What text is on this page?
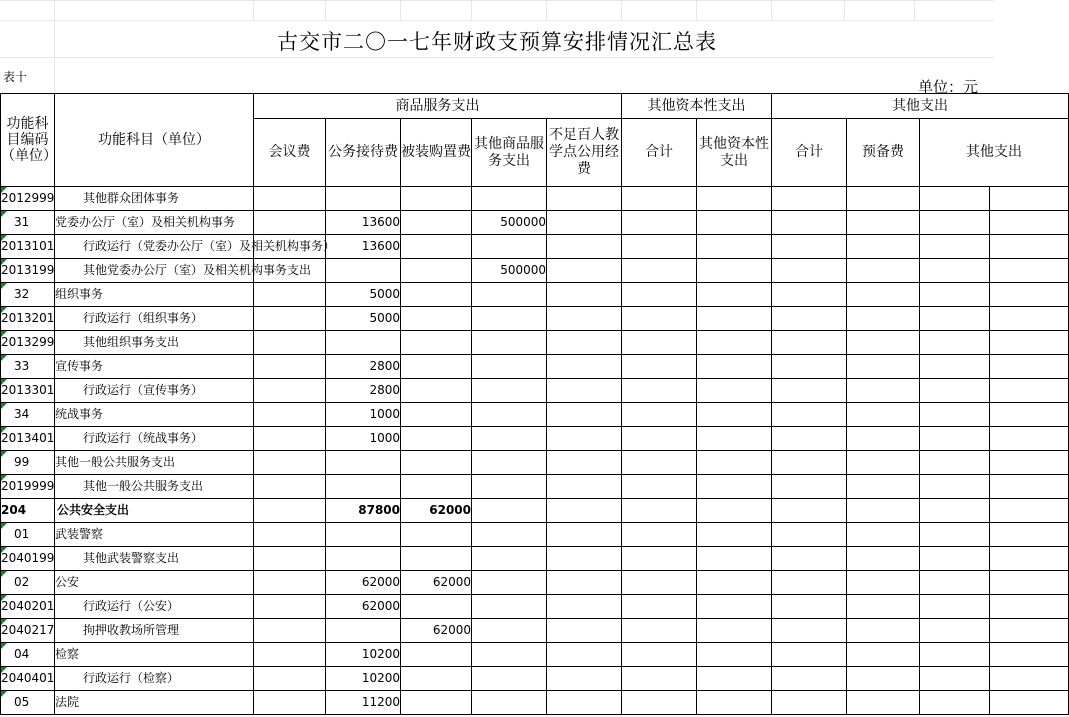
古交市二〇一七年财政支预算安排情况汇总表
表十
单位：元
功能科目编码（单位）	功能科目（单位）	商品服务支出					其他资本性支出		其他支出			
		会议费	公务接待费	被装购置费	其他商品服务支出	不足百人教学点公用经费	合计	其他资本性支出	合计	预备费	其他支出	
2012999	其他群众团体事务											
31	党委办公厅（室）及相关机构事务		13600		500000							
2013101	行政运行（党委办公厅（室）及相关机构事务）		13600									
2013199	其他党委办公厅（室）及相关机构事务支出				500000							
32	组织事务		5000									
2013201	行政运行（组织事务）		5000									
2013299	其他组织事务支出											
33	宣传事务		2800									
2013301	行政运行（宣传事务）		2800									
34	统战事务		1000									
2013401	行政运行（统战事务）		1000									
99	其他一般公共服务支出											
2019999	其他一般公共服务支出											
204	公共安全支出		87800	62000								
01	武装警察											
2040199	其他武装警察支出											
02	公安		62000	62000								
2040201	行政运行（公安）		62000									
2040217	拘押收教场所管理			62000								
04	检察		10200									
2040401	行政运行（检察）		10200									
05	法院		11200									
